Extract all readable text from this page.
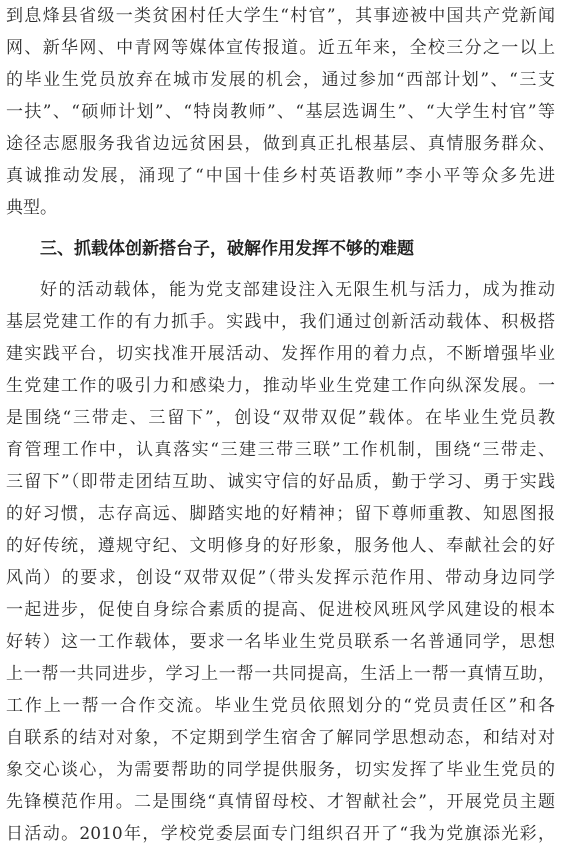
到息烽县省级一类贫困村任大学生“村官”，其事迹被中国共产党新闻
网、新华网、中青网等媒体宣传报道。近五年来，全校三分之一以上
的毕业生党员放弃在城市发展的机会，通过参加“西部计划”、“三支
一扶”、“硕师计划”、“特岗教师”、“基层选调生”、“大学生村官”等
途径志愿服务我省边远贫困县，做到真正扎根基层、真情服务群众、
真诚推动发展，涌现了“中国十佳乡村英语教师”李小平等众多先进
典型。
三、抓载体创新搭台子，破解作用发挥不够的难题
好的活动载体，能为党支部建设注入无限生机与活力，成为推动
基层党建工作的有力抓手。实践中，我们通过创新活动载体、积极搭
建实践平台，切实找准开展活动、发挥作用的着力点，不断增强毕业
生党建工作的吸引力和感染力，推动毕业生党建工作向纵深发展。一
是围绕“三带走、三留下”，创设“双带双促”载体。在毕业生党员教
育管理工作中，认真落实“三建三带三联”工作机制，围绕“三带走、
三留下”（即带走团结互助、诚实守信的好品质，勤于学习、勇于实践
的好习惯，志存高远、脚踏实地的好精神；留下尊师重教、知恩图报
的好传统，遵规守纪、文明修身的好形象，服务他人、奉献社会的好
风尚）的要求，创设“双带双促”（带头发挥示范作用、带动身边同学
一起进步，促使自身综合素质的提高、促进校风班风学风建设的根本
好转）这一工作载体，要求一名毕业生党员联系一名普通同学，思想
上一帮一共同进步，学习上一帮一共同提高，生活上一帮一真情互助，
工作上一帮一合作交流。毕业生党员依照划分的“党员责任区”和各
自联系的结对对象，不定期到学生宿舍了解同学思想动态，和结对对
象交心谈心，为需要帮助的同学提供服务，切实发挥了毕业生党员的
先锋模范作用。二是围绕“真情留母校、才智献社会”，开展党员主题
日活动。2010年，学校党委层面专门组织召开了“我为党旗添光彩，
